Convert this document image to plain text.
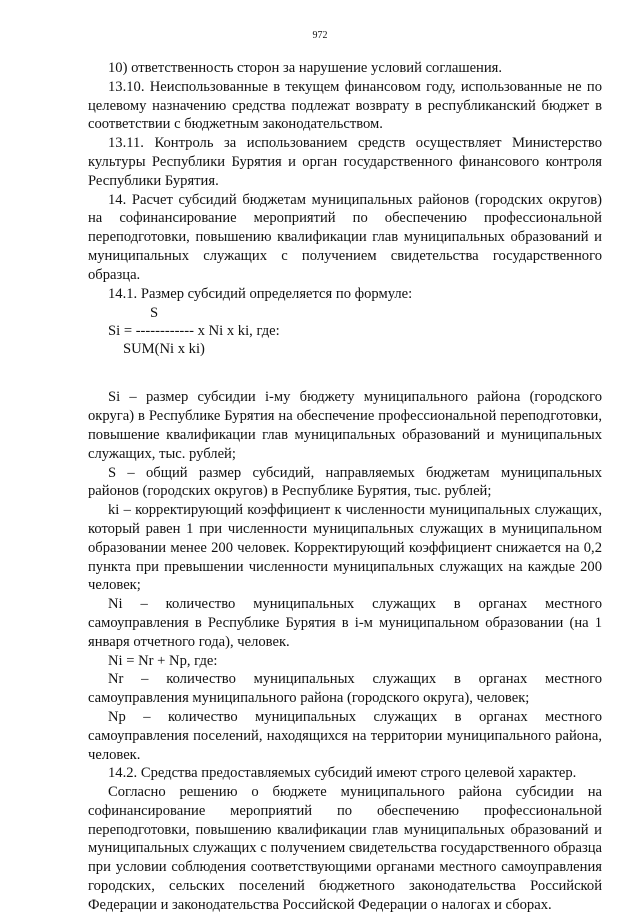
972

10) ответственность сторон за нарушение условий соглашения.

13.10. Неиспользованные в текущем финансовом году, использованные не по целевому назначению средства подлежат возврату в республиканский бюджет в соответствии с бюджетным законодательством.

13.11. Контроль за использованием средств осуществляет Министерство культуры Республики Бурятия и орган государственного финансового контроля Республики Бурятия.

14. Расчет субсидий бюджетам муниципальных районов (городских округов) на софинансирование мероприятий по обеспечению профессиональной переподготовки, повышению квалификации глав муниципальных образований и муниципальных служащих с получением свидетельства государственного образца.

14.1. Размер субсидий определяется по формуле:

S
Si = ------------ x Ni x ki, где:
SUM(Ni x ki)

Si – размер субсидии i-му бюджету муниципального района (городского округа) в Республике Бурятия на обеспечение профессиональной переподготовки, повышение квалификации глав муниципальных образований и муниципальных служащих, тыс. рублей;

S – общий размер субсидий, направляемых бюджетам муниципальных районов (городских округов) в Республике Бурятия, тыс. рублей;

ki – корректирующий коэффициент к численности муниципальных служащих, который равен 1 при численности муниципальных служащих в муниципальном образовании менее 200 человек. Корректирующий коэффициент снижается на 0,2 пункта при превышении численности муниципальных служащих на каждые 200 человек;

Ni – количество муниципальных служащих в органах местного самоуправления в Республике Бурятия в i-м муниципальном образовании (на 1 января отчетного года), человек.

Ni = Nr + Np, где:

Nr – количество муниципальных служащих в органах местного самоуправления муниципального района (городского округа), человек;

Np – количество муниципальных служащих в органах местного самоуправления поселений, находящихся на территории муниципального района, человек.

14.2. Средства предоставляемых субсидий имеют строго целевой характер.

Согласно решению о бюджете муниципального района субсидии на софинансирование мероприятий по обеспечению профессиональной переподготовки, повышению квалификации глав муниципальных образований и муниципальных служащих с получением свидетельства государственного образца при условии соблюдения соответствующими органами местного самоуправления городских, сельских поселений бюджетного законодательства Российской Федерации и законодательства Российской Федерации о налогах и сборах.
